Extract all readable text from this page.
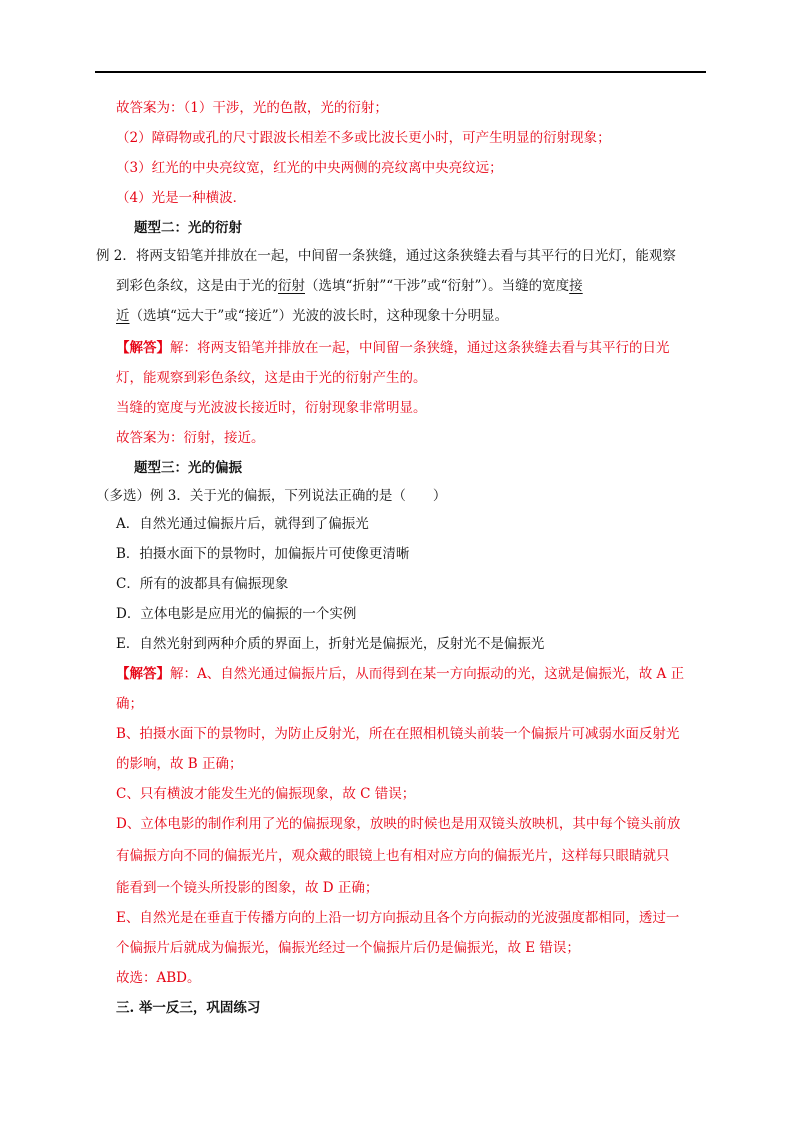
故答案为：（1）干涉，光的色散，光的衍射；
（2）障碍物或孔的尺寸跟波长相差不多或比波长更小时，可产生明显的衍射现象；
（3）红光的中央亮纹宽，红光的中央两侧的亮纹离中央亮纹远；
（4）光是一种横波．
题型二：光的衍射
例 2．将两支铅笔并排放在一起，中间留一条狭缝，通过这条狭缝去看与其平行的日光灯，能观察
到彩色条纹，这是由于光的衍射（选填“折射”“干涉”或“衍射”）。当缝的宽度接
近（选填“远大于”或“接近”）光波的波长时，这种现象十分明显。
【解答】解：将两支铅笔并排放在一起，中间留一条狭缝，通过这条狭缝去看与其平行的日光
灯，能观察到彩色条纹，这是由于光的衍射产生的。
当缝的宽度与光波波长接近时，衍射现象非常明显。
故答案为：衍射，接近。
题型三：光的偏振
（多选）例 3．关于光的偏振，下列说法正确的是（　　）
A．自然光通过偏振片后，就得到了偏振光
B．拍摄水面下的景物时，加偏振片可使像更清晰
C．所有的波都具有偏振现象
D．立体电影是应用光的偏振的一个实例
E．自然光射到两种介质的界面上，折射光是偏振光，反射光不是偏振光
【解答】解：A、自然光通过偏振片后，从而得到在某一方向振动的光，这就是偏振光，故 A 正
确；
B、拍摄水面下的景物时，为防止反射光，所在在照相机镜头前装一个偏振片可减弱水面反射光
的影响，故 B 正确；
C、只有横波才能发生光的偏振现象，故 C 错误；
D、立体电影的制作利用了光的偏振现象，放映的时候也是用双镜头放映机，其中每个镜头前放
有偏振方向不同的偏振光片，观众戴的眼镜上也有相对应方向的偏振光片，这样每只眼睛就只
能看到一个镜头所投影的图象，故 D 正确；
E、自然光是在垂直于传播方向的上沿一切方向振动且各个方向振动的光波强度都相同，透过一
个偏振片后就成为偏振光，偏振光经过一个偏振片后仍是偏振光，故 E 错误；
故选：ABD。
三. 举一反三，巩固练习
